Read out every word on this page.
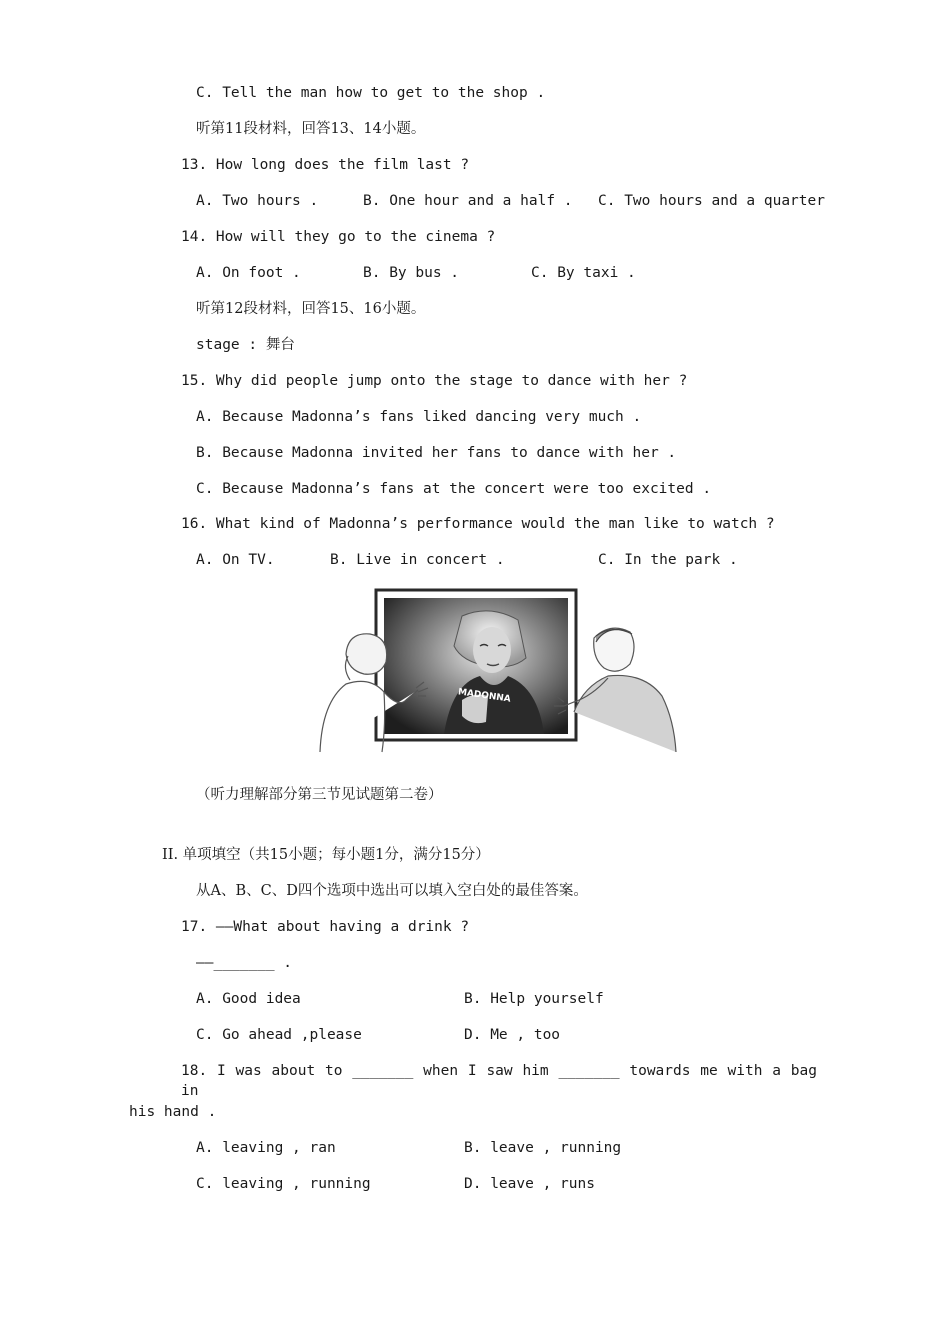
C. Tell the man how to get to the shop .
听第11段材料，回答13、14小题。
13. How long does the film last ?
A. Two hours .	B. One hour and a half . C. Two hours and a quarter
14. How will they go to the cinema ?
A. On foot .	B. By bus .	C. By taxi .
听第12段材料，回答15、16小题。
stage : 舞台
15. Why did people jump onto the stage to dance with her ?
A. Because Madonna’s fans liked dancing very much .
B. Because Madonna invited her fans to dance with her .
C. Because Madonna’s fans at the concert were too excited .
16. What kind of Madonna’s performance would the man like to watch ?
A. On TV.	B. Live in concert .	C. In the park .
MADONNA
（听力理解部分第三节见试题第二卷）
II. 单项填空（共15小题；每小题1分，满分15分）
从A、B、C、D四个选项中选出可以填入空白处的最佳答案。
17. ——What about having a drink ?
——_______ .
A. Good idea	B. Help yourself
C. Go ahead ,please	D. Me , too
18. I was about to _______ when I saw him _______ towards me with a bag in
his hand .
A. leaving , ran	B. leave , running
C. leaving , running	D. leave , runs
